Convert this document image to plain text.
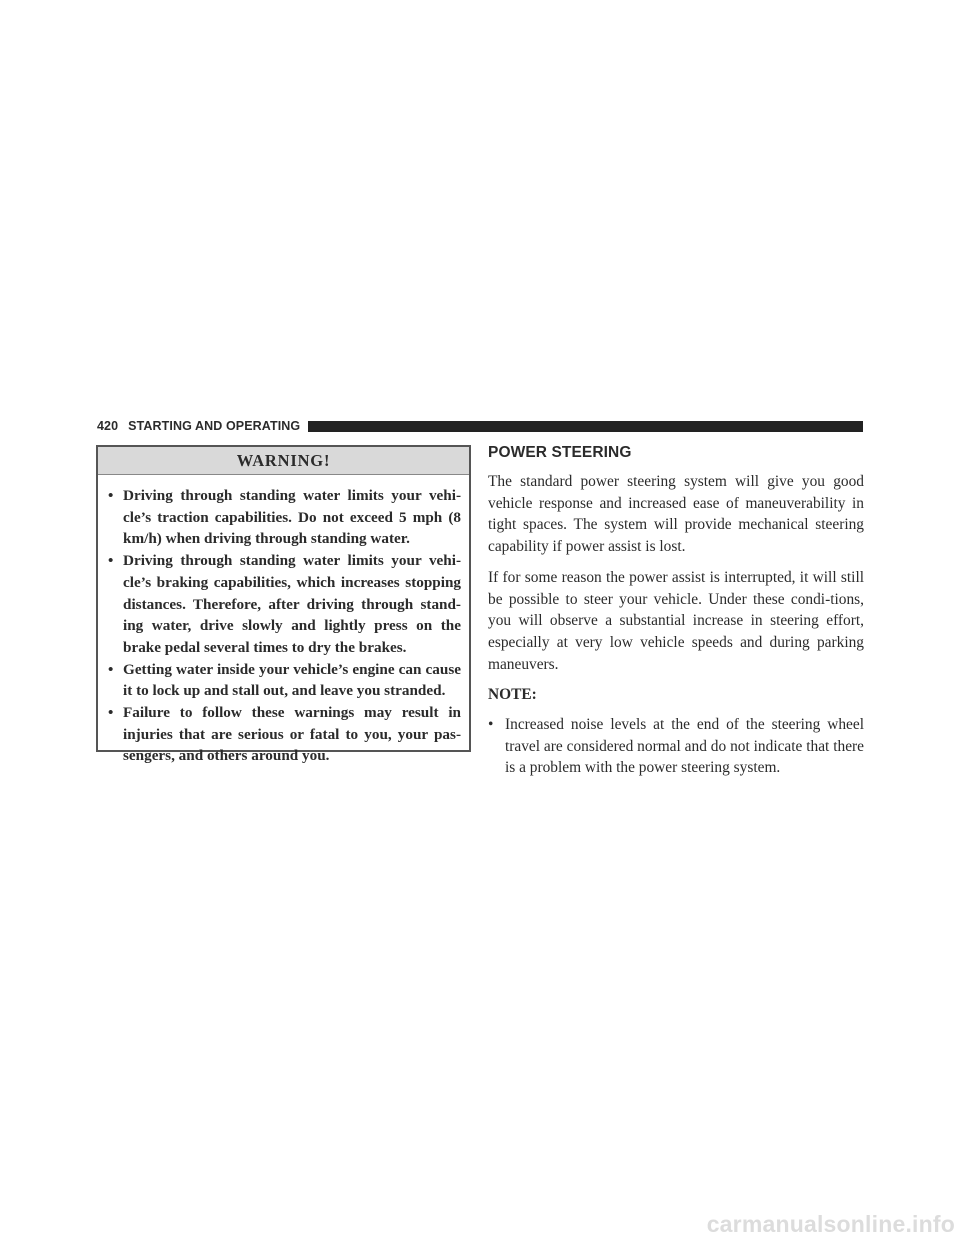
420 STARTING AND OPERATING
WARNING!
• Driving through standing water limits your vehi-cle’s traction capabilities. Do not exceed 5 mph (8 km/h) when driving through standing water.
• Driving through standing water limits your vehi-cle’s braking capabilities, which increases stopping distances. Therefore, after driving through stand-ing water, drive slowly and lightly press on the brake pedal several times to dry the brakes.
• Getting water inside your vehicle’s engine can cause it to lock up and stall out, and leave you stranded.
• Failure to follow these warnings may result in injuries that are serious or fatal to you, your pas-sengers, and others around you.
POWER STEERING

The standard power steering system will give you good vehicle response and increased ease of maneuverability in tight spaces. The system will provide mechanical steering capability if power assist is lost.

If for some reason the power assist is interrupted, it will still be possible to steer your vehicle. Under these condi-tions, you will observe a substantial increase in steering effort, especially at very low vehicle speeds and during parking maneuvers.

NOTE:

• Increased noise levels at the end of the steering wheel travel are considered normal and do not indicate that there is a problem with the power steering system.

carmanualsonline.info
